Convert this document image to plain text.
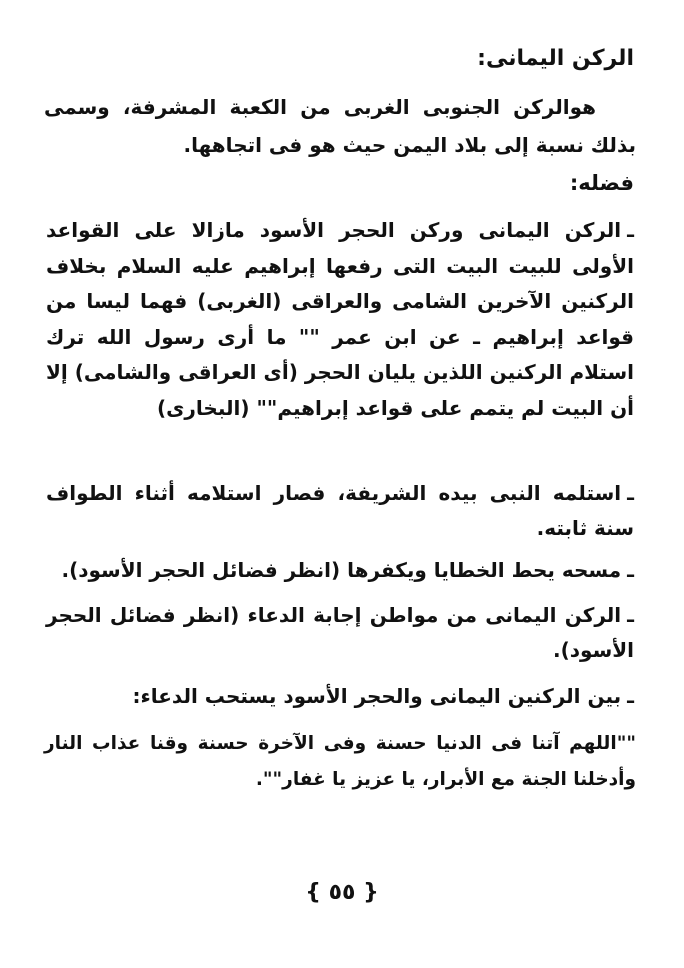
الركن اليمانى:
هوالركن الجنوبى الغربى من الكعبة المشرفة، وسمى بذلك نسبة إلى بلاد اليمن حيث هو فى اتجاهها.
فضله:
ـالركن اليمانى وركن الحجر الأسود مازالا على القواعد الأولى للبيت البيت التى رفعها إبراهيم عليه السلام بخلاف الركنين الآخرين الشامى والعراقى (الغربى) فهما ليسا من قواعد إبراهيم ـ عن ابن عمر "" ما أرى رسول الله ترك استلام الركنين اللذين يليان الحجر (أى العراقى والشامى) إلا أن البيت لم يتمم على قواعد إبراهيم"" (البخارى)
ـاستلمه النبى بيده الشريفة، فصار استلامه أثناء الطواف سنة ثابته.
ـمسحه يحط الخطايا ويكفرها (انظر فضائل الحجر الأسود).
ـالركن اليمانى من مواطن إجابة الدعاء (انظر فضائل الحجر الأسود).
ـبين الركنين اليمانى والحجر الأسود يستحب الدعاء:
""اللهم آتنا فى الدنيا حسنة وفى الآخرة حسنة وقنا عذاب النار وأدخلنا الجنة مع الأبرار، يا عزيز يا غفار"".
{ ٥٥ }
